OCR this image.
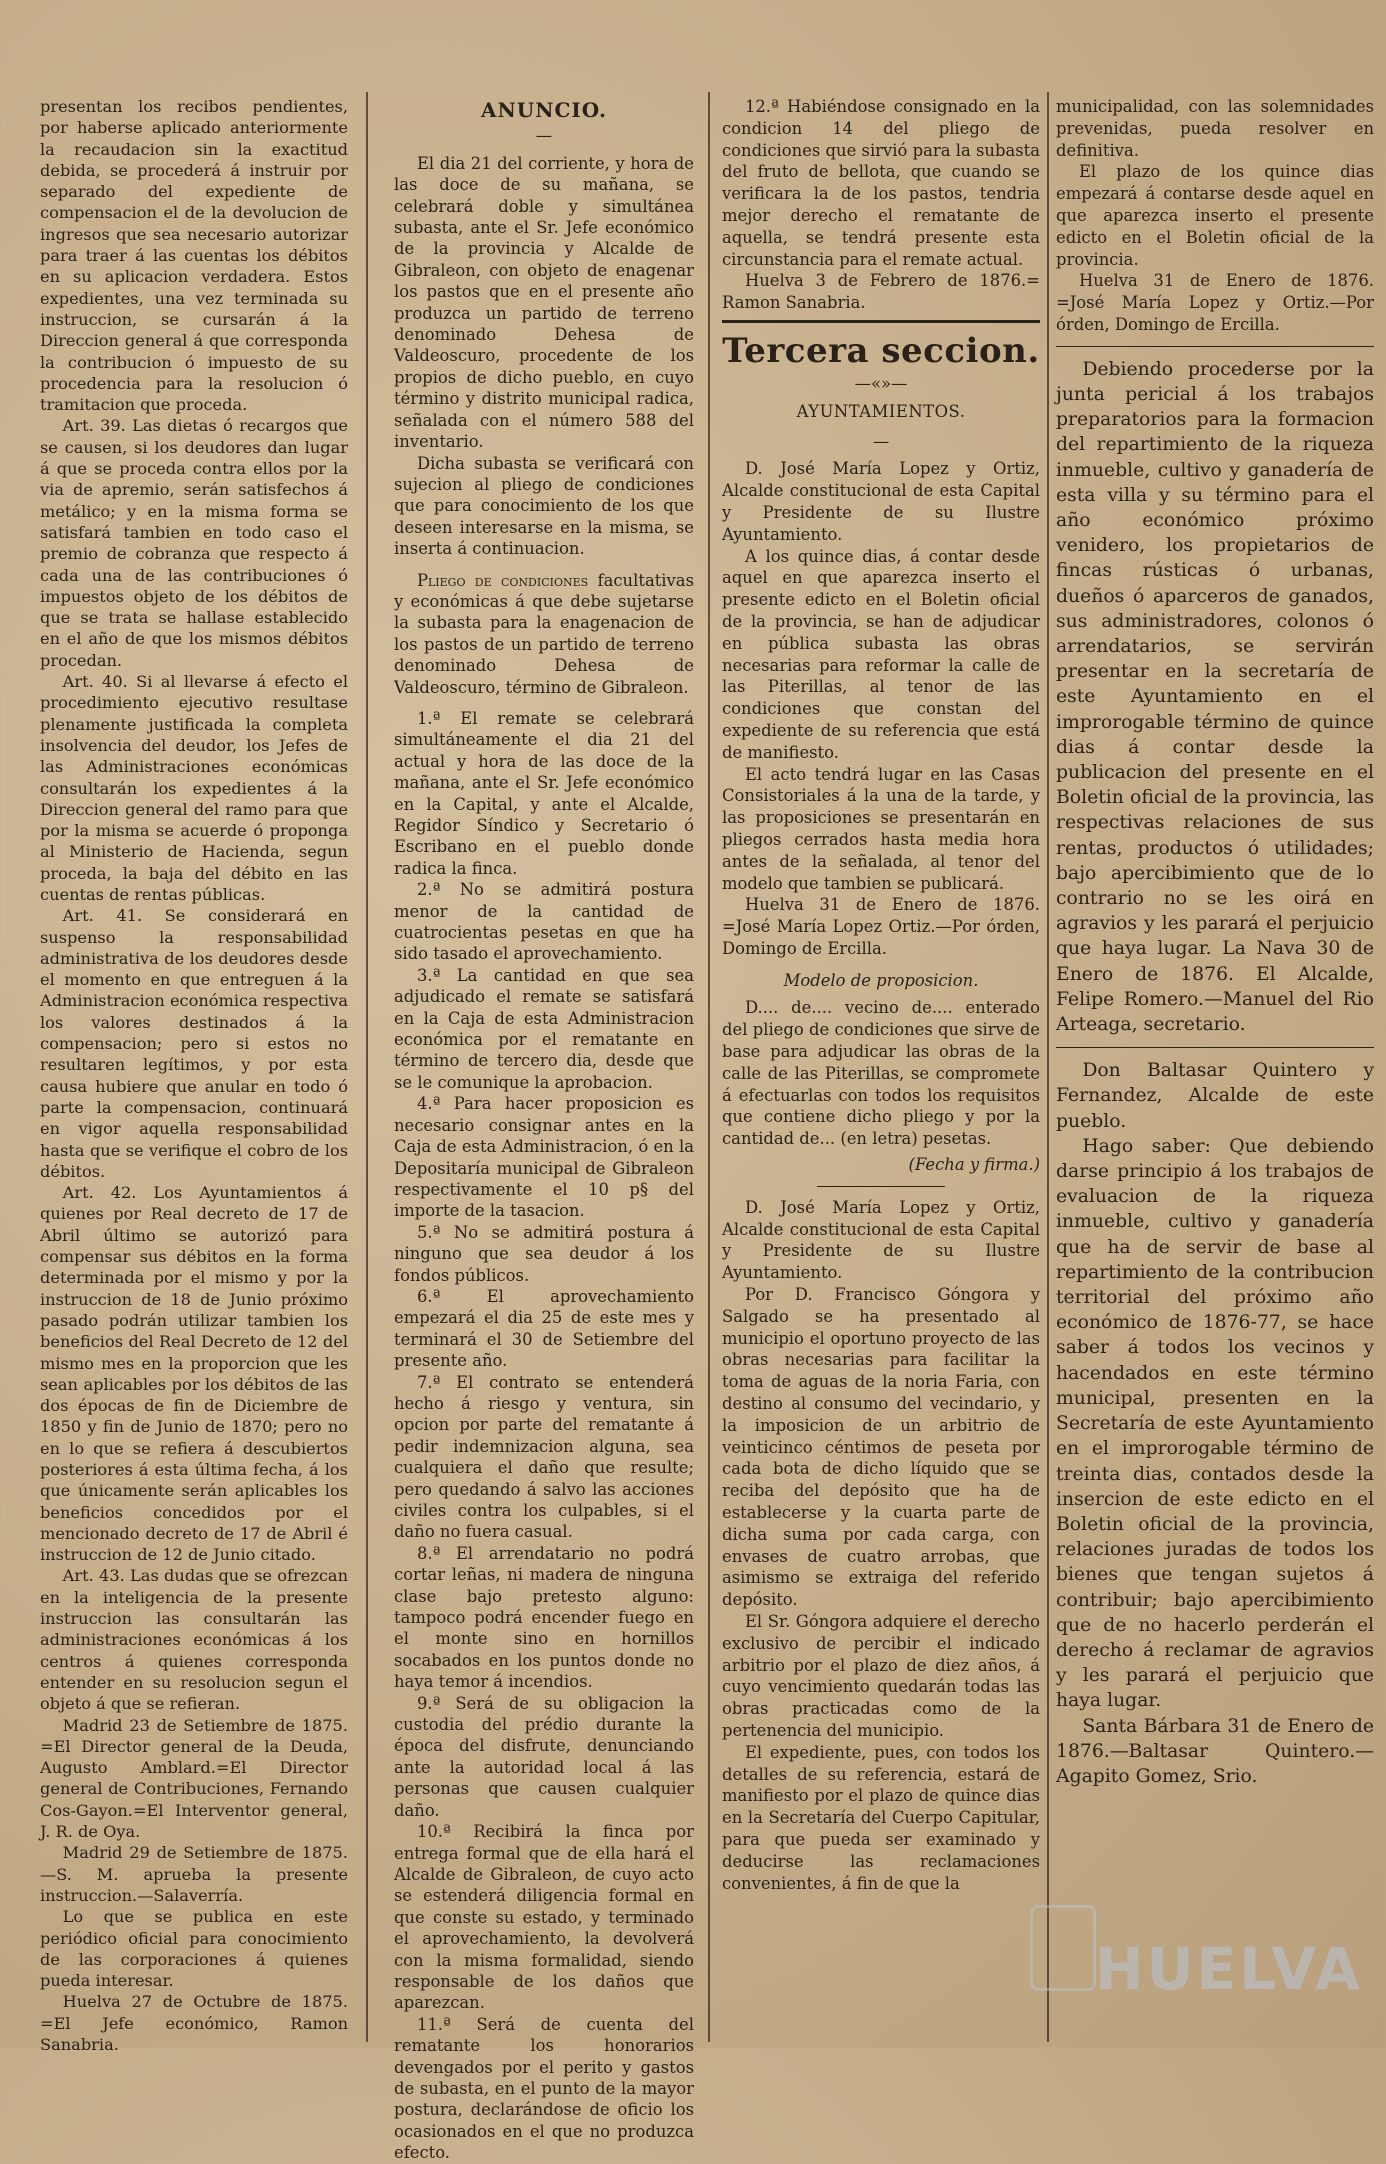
presentan los recibos pendientes, por haberse aplicado anteriormente la recaudacion sin la exactitud debida, se procederá á instruir por separado del expediente de compensacion el de la devolucion de ingresos que sea necesario autorizar para traer á las cuentas los débitos en su aplicacion verdadera. Estos expedientes, una vez terminada su instruccion, se cursarán á la Direccion general á que corresponda la contribucion ó impuesto de su procedencia para la resolucion ó tramitacion que proceda.

Art. 39. Las dietas ó recargos que se causen, si los deudores dan lugar á que se proceda contra ellos por la via de apremio, serán satisfechos á metálico; y en la misma forma se satisfará tambien en todo caso el premio de cobranza que respecto á cada una de las contribuciones ó impuestos objeto de los débitos de que se trata se hallase establecido en el año de que los mismos débitos procedan.

Art. 40. Si al llevarse á efecto el procedimiento ejecutivo resultase plenamente justificada la completa insolvencia del deudor, los Jefes de las Administraciones económicas consultarán los expedientes á la Direccion general del ramo para que por la misma se acuerde ó proponga al Ministerio de Hacienda, segun proceda, la baja del débito en las cuentas de rentas públicas.

Art. 41. Se considerará en suspenso la responsabilidad administrativa de los deudores desde el momento en que entreguen á la Administracion económica respectiva los valores destinados á la compensacion; pero si estos no resultaren legítimos, y por esta causa hubiere que anular en todo ó parte la compensacion, continuará en vigor aquella responsabilidad hasta que se verifique el cobro de los débitos.

Art. 42. Los Ayuntamientos á quienes por Real decreto de 17 de Abril último se autorizó para compensar sus débitos en la forma determinada por el mismo y por la instruccion de 18 de Junio próximo pasado podrán utilizar tambien los beneficios del Real Decreto de 12 del mismo mes en la proporcion que les sean aplicables por los débitos de las dos épocas de fin de Diciembre de 1850 y fin de Junio de 1870; pero no en lo que se refiera á descubiertos posteriores á esta última fecha, á los que únicamente serán aplicables los beneficios concedidos por el mencionado decreto de 17 de Abril é instruccion de 12 de Junio citado.

Art. 43. Las dudas que se ofrezcan en la inteligencia de la presente instruccion las consultarán las administraciones económicas á los centros á quienes corresponda entender en su resolucion segun el objeto á que se refieran.

Madrid 23 de Setiembre de 1875. =El Director general de la Deuda, Augusto Amblard.=El Director general de Contribuciones, Fernando Cos-Gayon.=El Interventor general, J. R. de Oya.

Madrid 29 de Setiembre de 1875. —S. M. aprueba la presente instruccion.—Salaverría.

Lo que se publica en este periódico oficial para conocimiento de las corporaciones á quienes pueda interesar.

Huelva 27 de Octubre de 1875. =El Jefe económico, Ramon Sanabria.

ANUNCIO.
—

El dia 21 del corriente, y hora de las doce de su mañana, se celebrará doble y simultánea subasta, ante el Sr. Jefe económico de la provincia y Alcalde de Gibraleon, con objeto de enagenar los pastos que en el presente año produzca un partido de terreno denominado Dehesa de Valdeoscuro, procedente de los propios de dicho pueblo, en cuyo término y distrito municipal radica, señalada con el número 588 del inventario.

Dicha subasta se verificará con sujecion al pliego de condiciones que para conocimiento de los que deseen interesarse en la misma, se inserta á continuacion.

Pliego de condiciones facultativas y económicas á que debe sujetarse la subasta para la enagenacion de los pastos de un partido de terreno denominado Dehesa de Valdeoscuro, término de Gibraleon.

1.ª El remate se celebrará simultáneamente el dia 21 del actual y hora de las doce de la mañana, ante el Sr. Jefe económico en la Capital, y ante el Alcalde, Regidor Síndico y Secretario ó Escribano en el pueblo donde radica la finca.

2.ª No se admitirá postura menor de la cantidad de cuatrocientas pesetas en que ha sido tasado el aprovechamiento.

3.ª La cantidad en que sea adjudicado el remate se satisfará en la Caja de esta Administracion económica por el rematante en término de tercero dia, desde que se le comunique la aprobacion.

4.ª Para hacer proposicion es necesario consignar antes en la Caja de esta Administracion, ó en la Depositaría municipal de Gibraleon respectivamente el 10 p§ del importe de la tasacion.

5.ª No se admitirá postura á ninguno que sea deudor á los fondos públicos.

6.ª El aprovechamiento empezará el dia 25 de este mes y terminará el 30 de Setiembre del presente año.

7.ª El contrato se entenderá hecho á riesgo y ventura, sin opcion por parte del rematante á pedir indemnizacion alguna, sea cualquiera el daño que resulte; pero quedando á salvo las acciones civiles contra los culpables, si el daño no fuera casual.

8.ª El arrendatario no podrá cortar leñas, ni madera de ninguna clase bajo pretesto alguno: tampoco podrá encender fuego en el monte sino en hornillos socabados en los puntos donde no haya temor á incendios.

9.ª Será de su obligacion la custodia del prédio durante la época del disfrute, denunciando ante la autoridad local á las personas que causen cualquier daño.

10.ª Recibirá la finca por entrega formal que de ella hará el Alcalde de Gibraleon, de cuyo acto se estenderá diligencia formal en que conste su estado, y terminado el aprovechamiento, la devolverá con la misma formalidad, siendo responsable de los daños que aparezcan.

11.ª Será de cuenta del rematante los honorarios devengados por el perito y gastos de subasta, en el punto de la mayor postura, declarándose de oficio los ocasionados en el que no produzca efecto.

12.ª Habiéndose consignado en la condicion 14 del pliego de condiciones que sirvió para la subasta del fruto de bellota, que cuando se verificara la de los pastos, tendria mejor derecho el rematante de aquella, se tendrá presente esta circunstancia para el remate actual.

Huelva 3 de Febrero de 1876.= Ramon Sanabria.

Tercera seccion.
—«»—
AYUNTAMIENTOS.
—

D. José María Lopez y Ortiz, Alcalde constitucional de esta Capital y Presidente de su Ilustre Ayuntamiento.

A los quince dias, á contar desde aquel en que aparezca inserto el presente edicto en el Boletin oficial de la provincia, se han de adjudicar en pública subasta las obras necesarias para reformar la calle de las Piterillas, al tenor de las condiciones que constan del expediente de su referencia que está de manifiesto.

El acto tendrá lugar en las Casas Consistoriales á la una de la tarde, y las proposiciones se presentarán en pliegos cerrados hasta media hora antes de la señalada, al tenor del modelo que tambien se publicará.

Huelva 31 de Enero de 1876. =José María Lopez Ortiz.—Por órden, Domingo de Ercilla.

Modelo de proposicion.

D.... de.... vecino de.... enterado del pliego de condiciones que sirve de base para adjudicar las obras de la calle de las Piterillas, se compromete á efectuarlas con todos los requisitos que contiene dicho pliego y por la cantidad de... (en letra) pesetas.

(Fecha y firma.)

D. José María Lopez y Ortiz, Alcalde constitucional de esta Capital y Presidente de su Ilustre Ayuntamiento.

Por D. Francisco Góngora y Salgado se ha presentado al municipio el oportuno proyecto de las obras necesarias para facilitar la toma de aguas de la noria Faria, con destino al consumo del vecindario, y la imposicion de un arbitrio de veinticinco céntimos de peseta por cada bota de dicho líquido que se reciba del depósito que ha de establecerse y la cuarta parte de dicha suma por cada carga, con envases de cuatro arrobas, que asimismo se extraiga del referido depósito.

El Sr. Góngora adquiere el derecho exclusivo de percibir el indicado arbitrio por el plazo de diez años, á cuyo vencimiento quedarán todas las obras practicadas como de la pertenencia del municipio.

El expediente, pues, con todos los detalles de su referencia, estará de manifiesto por el plazo de quince dias en la Secretaría del Cuerpo Capitular, para que pueda ser examinado y deducirse las reclamaciones convenientes, á fin de que la

municipalidad, con las solemnidades prevenidas, pueda resolver en definitiva.

El plazo de los quince dias empezará á contarse desde aquel en que aparezca inserto el presente edicto en el Boletin oficial de la provincia.

Huelva 31 de Enero de 1876. =José María Lopez y Ortiz.—Por órden, Domingo de Ercilla.

Debiendo procederse por la junta pericial á los trabajos preparatorios para la formacion del repartimiento de la riqueza inmueble, cultivo y ganadería de esta villa y su término para el año económico próximo venidero, los propietarios de fincas rústicas ó urbanas, dueños ó aparceros de ganados, sus administradores, colonos ó arrendatarios, se servirán presentar en la secretaría de este Ayuntamiento en el improrogable término de quince dias á contar desde la publicacion del presente en el Boletin oficial de la provincia, las respectivas relaciones de sus rentas, productos ó utilidades; bajo apercibimiento que de lo contrario no se les oirá en agravios y les parará el perjuicio que haya lugar. La Nava 30 de Enero de 1876. El Alcalde, Felipe Romero.—Manuel del Rio Arteaga, secretario.

Don Baltasar Quintero y Fernandez, Alcalde de este pueblo.

Hago saber: Que debiendo darse principio á los trabajos de evaluacion de la riqueza inmueble, cultivo y ganadería que ha de servir de base al repartimiento de la contribucion territorial del próximo año económico de 1876-77, se hace saber á todos los vecinos y hacendados en este término municipal, presenten en la Secretaría de este Ayuntamiento en el improrogable término de treinta dias, contados desde la insercion de este edicto en el Boletin oficial de la provincia, relaciones juradas de todos los bienes que tengan sujetos á contribuir; bajo apercibimiento que de no hacerlo perderán el derecho á reclamar de agravios y les parará el perjuicio que haya lugar.

Santa Bárbara 31 de Enero de 1876.—Baltasar Quintero.—Agapito Gomez, Srio.

HUELVA
